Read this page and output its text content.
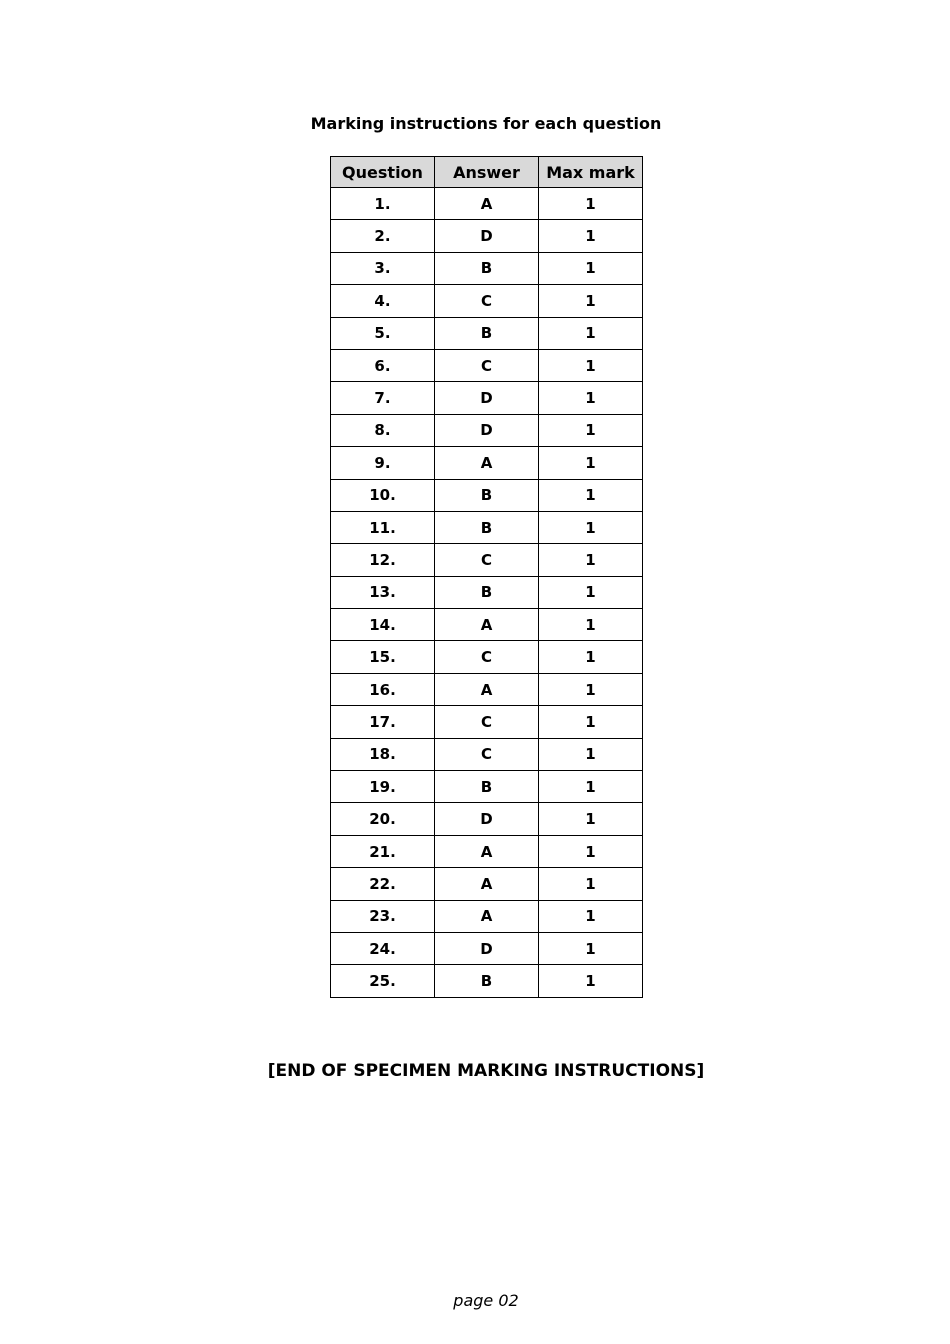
Marking instructions for each question
Question	Answer	Max mark
1.	A	1
2.	D	1
3.	B	1
4.	C	1
5.	B	1
6.	C	1
7.	D	1
8.	D	1
9.	A	1
10.	B	1
11.	B	1
12.	C	1
13.	B	1
14.	A	1
15.	C	1
16.	A	1
17.	C	1
18.	C	1
19.	B	1
20.	D	1
21.	A	1
22.	A	1
23.	A	1
24.	D	1
25.	B	1

[END OF SPECIMEN MARKING INSTRUCTIONS]

page 02
